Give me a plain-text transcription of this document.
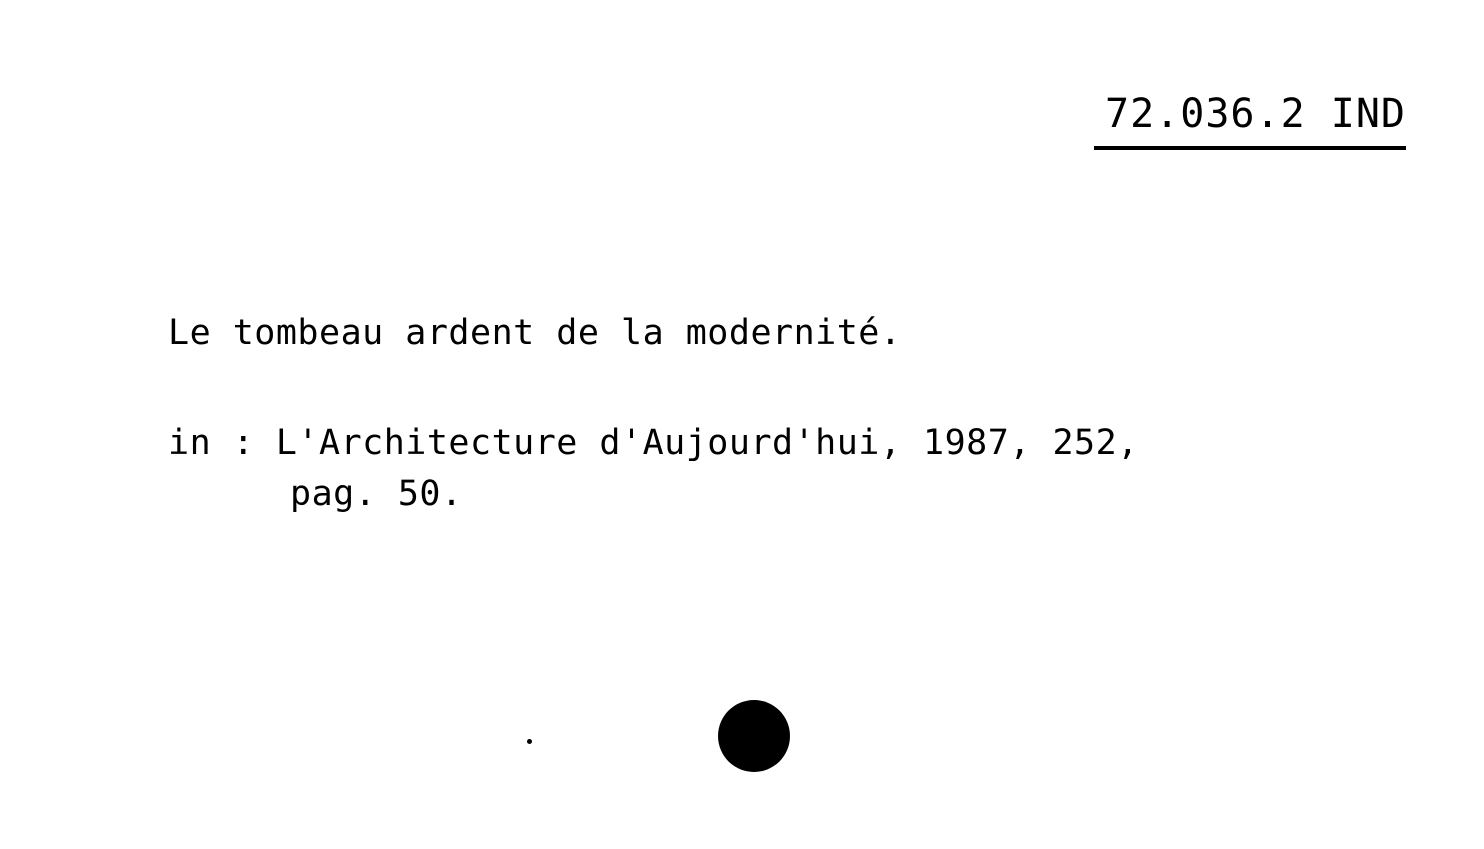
72.036.2 IND
Le tombeau ardent de la modernité.
in : L'Architecture d'Aujourd'hui, 1987, 252,
pag. 50.
